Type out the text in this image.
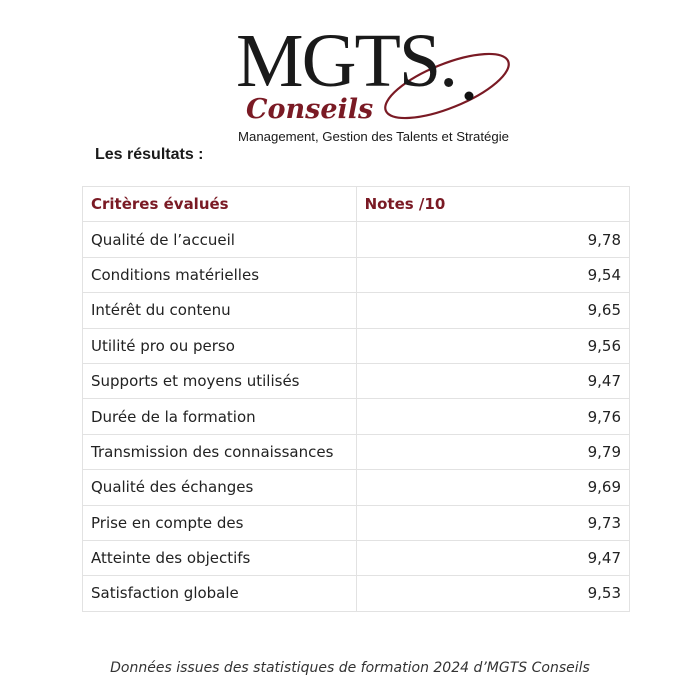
MGTS.
Conseils
Management, Gestion des Talents et Stratégie
Les résultats :
Critères évalués	Notes /10
Qualité de l’accueil	9,78
Conditions matérielles	9,54
Intérêt du contenu	9,65
Utilité pro ou perso	9,56
Supports et moyens utilisés	9,47
Durée de la formation	9,76
Transmission des connaissances	9,79
Qualité des échanges	9,69
Prise en compte des	9,73
Atteinte des objectifs	9,47
Satisfaction globale	9,53

Données issues des statistiques de formation 2024 d’MGTS Conseils
